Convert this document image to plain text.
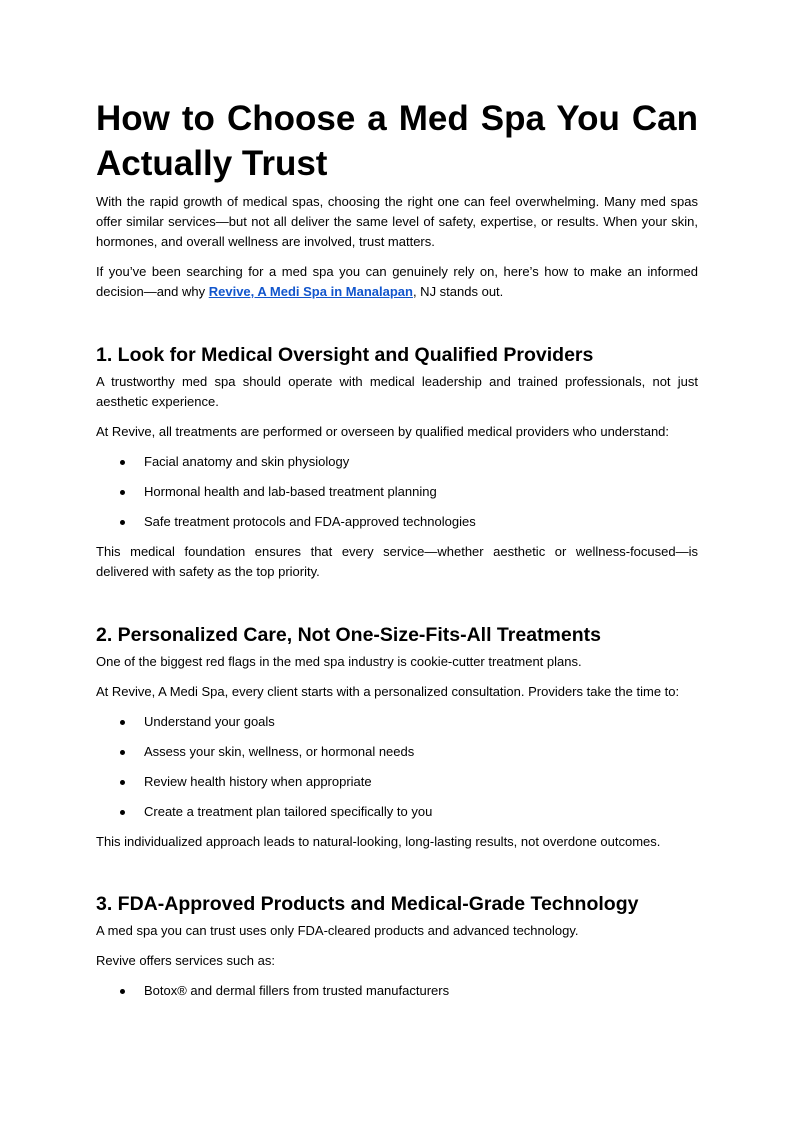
How to Choose a Med Spa You Can
Actually Trust

With the rapid growth of medical spas, choosing the right one can feel overwhelming. Many med spas offer similar services—but not all deliver the same level of safety, expertise, or results. When your skin, hormones, and overall wellness are involved, trust matters.

If you’ve been searching for a med spa you can genuinely rely on, here’s how to make an informed decision—and why Revive, A Medi Spa in Manalapan, NJ stands out.

1. Look for Medical Oversight and Qualified Providers

A trustworthy med spa should operate with medical leadership and trained professionals, not just aesthetic experience.

At Revive, all treatments are performed or overseen by qualified medical providers who understand:

Facial anatomy and skin physiology
Hormonal health and lab-based treatment planning
Safe treatment protocols and FDA-approved technologies

This medical foundation ensures that every service—whether aesthetic or wellness-focused—is delivered with safety as the top priority.

2. Personalized Care, Not One-Size-Fits-All Treatments

One of the biggest red flags in the med spa industry is cookie-cutter treatment plans.

At Revive, A Medi Spa, every client starts with a personalized consultation. Providers take the time to:

Understand your goals
Assess your skin, wellness, or hormonal needs
Review health history when appropriate
Create a treatment plan tailored specifically to you

This individualized approach leads to natural-looking, long-lasting results, not overdone outcomes.

3. FDA-Approved Products and Medical-Grade Technology

A med spa you can trust uses only FDA-cleared products and advanced technology.

Revive offers services such as:

Botox® and dermal fillers from trusted manufacturers
